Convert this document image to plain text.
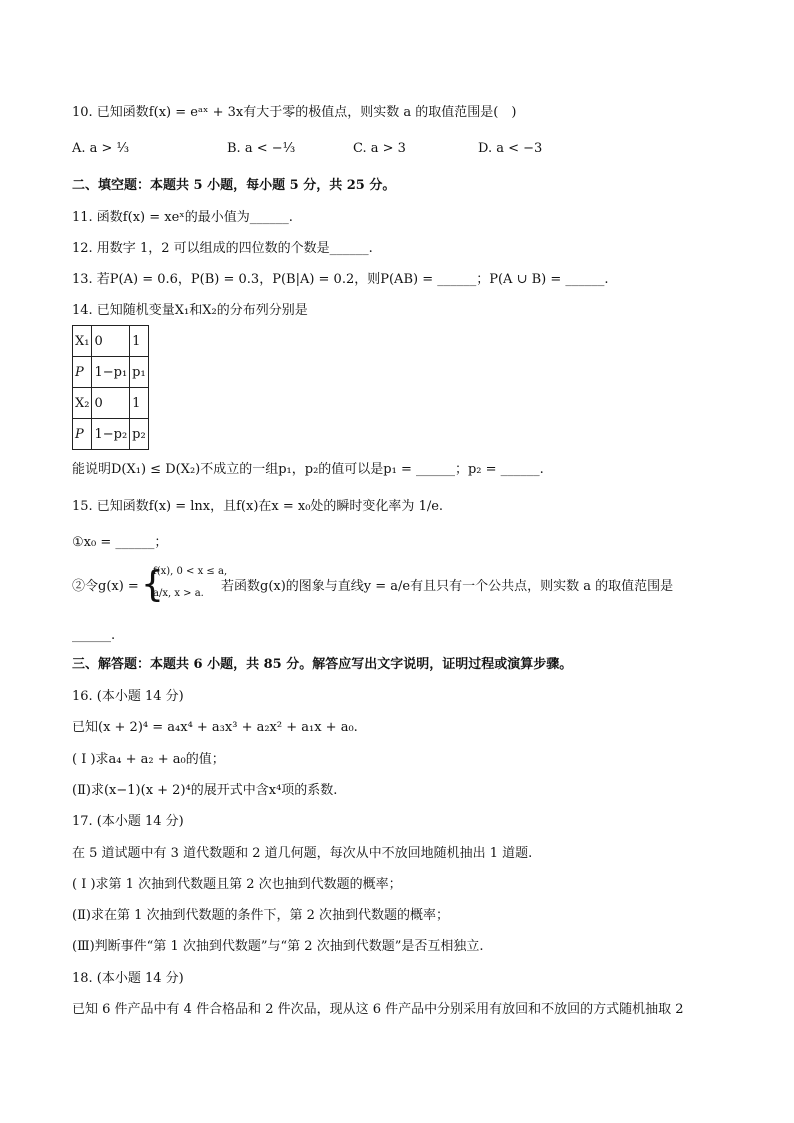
10. 已知函数f(x) = eᵃˣ + 3x有大于零的极值点，则实数 a 的取值范围是(　)
A. a > ⅓	B. a < −⅓	C. a > 3	D. a < −3
二、填空题：本题共 5 小题，每小题 5 分，共 25 分。
11. 函数f(x) = xeˣ的最小值为______.
12. 用数字 1，2 可以组成的四位数的个数是______.
13. 若P(A) = 0.6，P(B) = 0.3，P(B|A) = 0.2，则P(AB) = ______；P(A ∪ B) = ______.
14. 已知随机变量X₁和X₂的分布列分别是
X₁	0	1
P	1−p₁	p₁
X₂	0	1
P	1−p₂	p₂
能说明D(X₁) ≤ D(X₂)不成立的一组p₁，p₂的值可以是p₁ = ______；p₂ = ______.
15. 已知函数f(x) = lnx，且f(x)在x = x₀处的瞬时变化率为 1/e.
①x₀ = ______；
②令g(x) = {
f(x), 0 < x ≤ a,
a/x, x > a. 若函数g(x)的图象与直线y = a/e有且只有一个公共点，则实数 a 的取值范围是
______.
三、解答题：本题共 6 小题，共 85 分。解答应写出文字说明，证明过程或演算步骤。
16. (本小题 14 分)
已知(x + 2)⁴ = a₄x⁴ + a₃x³ + a₂x² + a₁x + a₀.
( Ⅰ )求a₄ + a₂ + a₀的值；
(Ⅱ)求(x−1)(x + 2)⁴的展开式中含x⁴项的系数.
17. (本小题 14 分)
在 5 道试题中有 3 道代数题和 2 道几何题，每次从中不放回地随机抽出 1 道题.
( Ⅰ )求第 1 次抽到代数题且第 2 次也抽到代数题的概率；
(Ⅱ)求在第 1 次抽到代数题的条件下，第 2 次抽到代数题的概率；
(Ⅲ)判断事件“第 1 次抽到代数题”与“第 2 次抽到代数题”是否互相独立.
18. (本小题 14 分)
已知 6 件产品中有 4 件合格品和 2 件次品，现从这 6 件产品中分别采用有放回和不放回的方式随机抽取 2
